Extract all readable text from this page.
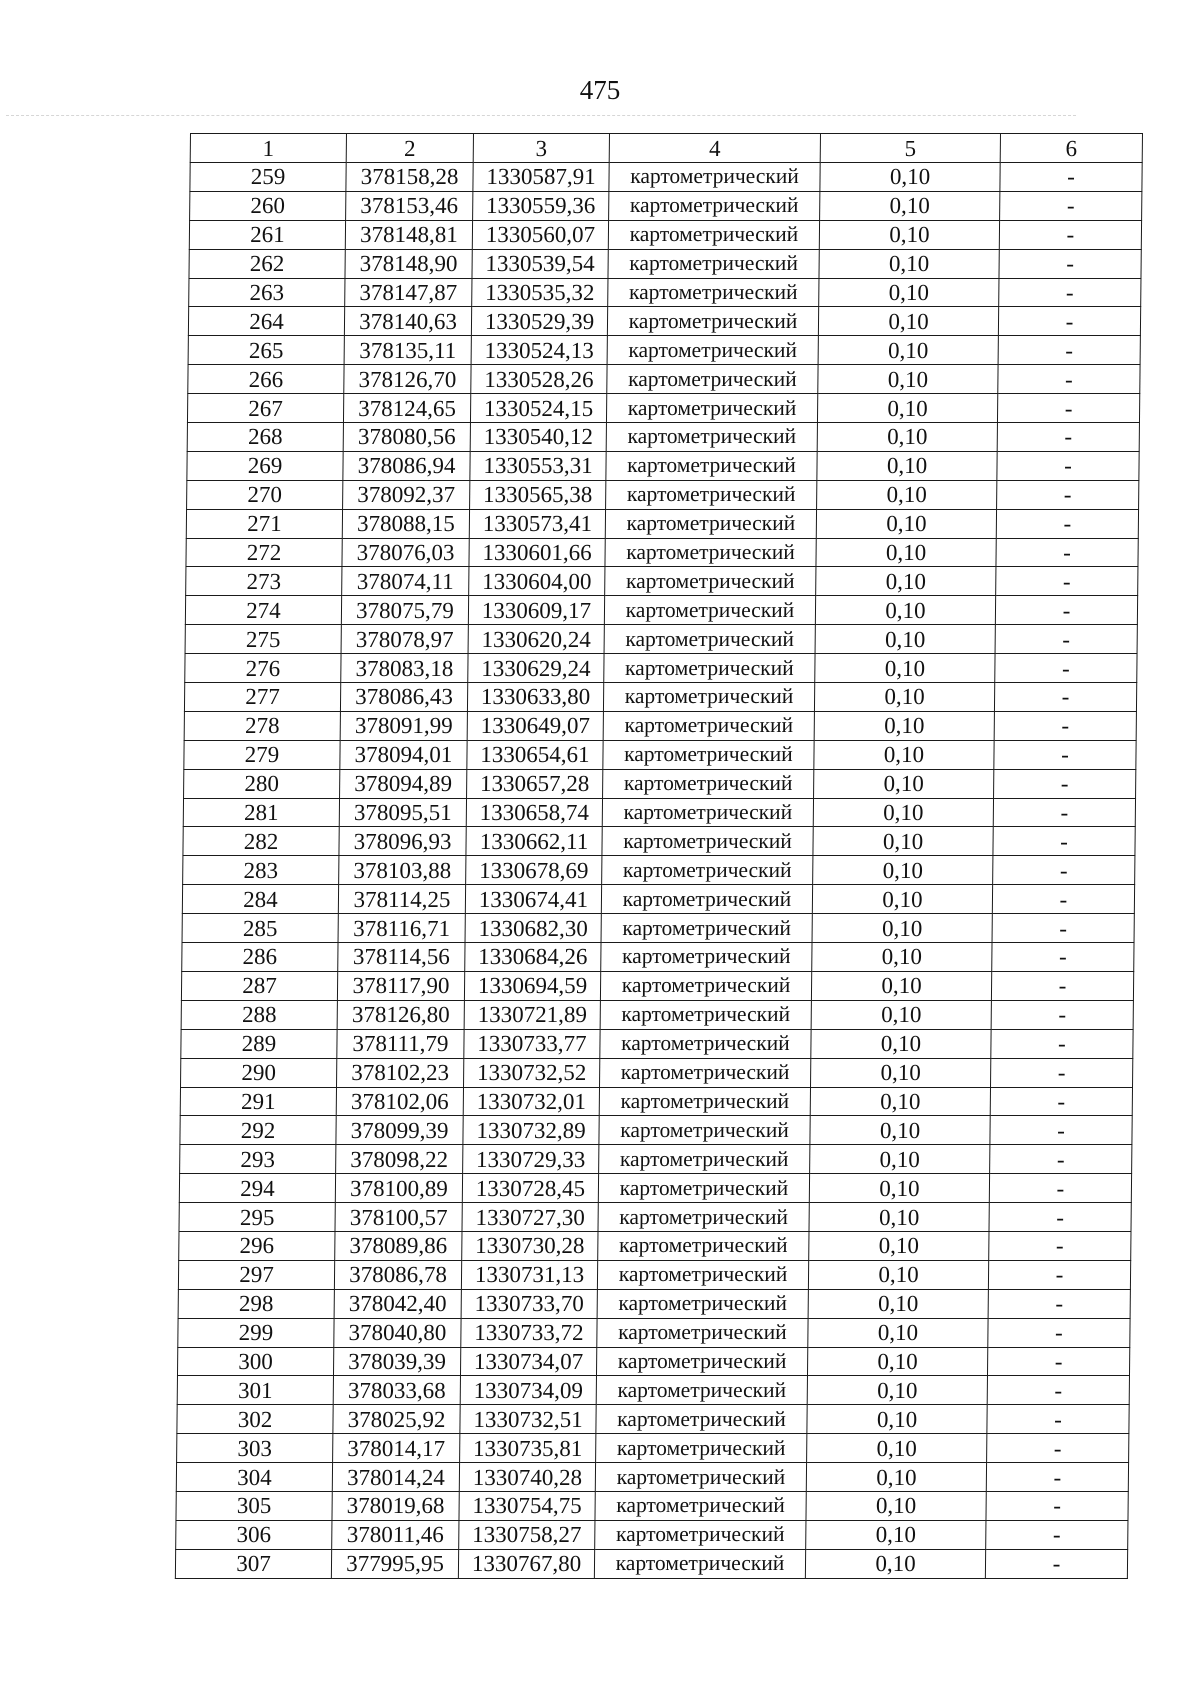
475
1	2	3	4	5	6
259	378158,28	1330587,91	картометрический	0,10	-
260	378153,46	1330559,36	картометрический	0,10	-
261	378148,81	1330560,07	картометрический	0,10	-
262	378148,90	1330539,54	картометрический	0,10	-
263	378147,87	1330535,32	картометрический	0,10	-
264	378140,63	1330529,39	картометрический	0,10	-
265	378135,11	1330524,13	картометрический	0,10	-
266	378126,70	1330528,26	картометрический	0,10	-
267	378124,65	1330524,15	картометрический	0,10	-
268	378080,56	1330540,12	картометрический	0,10	-
269	378086,94	1330553,31	картометрический	0,10	-
270	378092,37	1330565,38	картометрический	0,10	-
271	378088,15	1330573,41	картометрический	0,10	-
272	378076,03	1330601,66	картометрический	0,10	-
273	378074,11	1330604,00	картометрический	0,10	-
274	378075,79	1330609,17	картометрический	0,10	-
275	378078,97	1330620,24	картометрический	0,10	-
276	378083,18	1330629,24	картометрический	0,10	-
277	378086,43	1330633,80	картометрический	0,10	-
278	378091,99	1330649,07	картометрический	0,10	-
279	378094,01	1330654,61	картометрический	0,10	-
280	378094,89	1330657,28	картометрический	0,10	-
281	378095,51	1330658,74	картометрический	0,10	-
282	378096,93	1330662,11	картометрический	0,10	-
283	378103,88	1330678,69	картометрический	0,10	-
284	378114,25	1330674,41	картометрический	0,10	-
285	378116,71	1330682,30	картометрический	0,10	-
286	378114,56	1330684,26	картометрический	0,10	-
287	378117,90	1330694,59	картометрический	0,10	-
288	378126,80	1330721,89	картометрический	0,10	-
289	378111,79	1330733,77	картометрический	0,10	-
290	378102,23	1330732,52	картометрический	0,10	-
291	378102,06	1330732,01	картометрический	0,10	-
292	378099,39	1330732,89	картометрический	0,10	-
293	378098,22	1330729,33	картометрический	0,10	-
294	378100,89	1330728,45	картометрический	0,10	-
295	378100,57	1330727,30	картометрический	0,10	-
296	378089,86	1330730,28	картометрический	0,10	-
297	378086,78	1330731,13	картометрический	0,10	-
298	378042,40	1330733,70	картометрический	0,10	-
299	378040,80	1330733,72	картометрический	0,10	-
300	378039,39	1330734,07	картометрический	0,10	-
301	378033,68	1330734,09	картометрический	0,10	-
302	378025,92	1330732,51	картометрический	0,10	-
303	378014,17	1330735,81	картометрический	0,10	-
304	378014,24	1330740,28	картометрический	0,10	-
305	378019,68	1330754,75	картометрический	0,10	-
306	378011,46	1330758,27	картометрический	0,10	-
307	377995,95	1330767,80	картометрический	0,10	-
